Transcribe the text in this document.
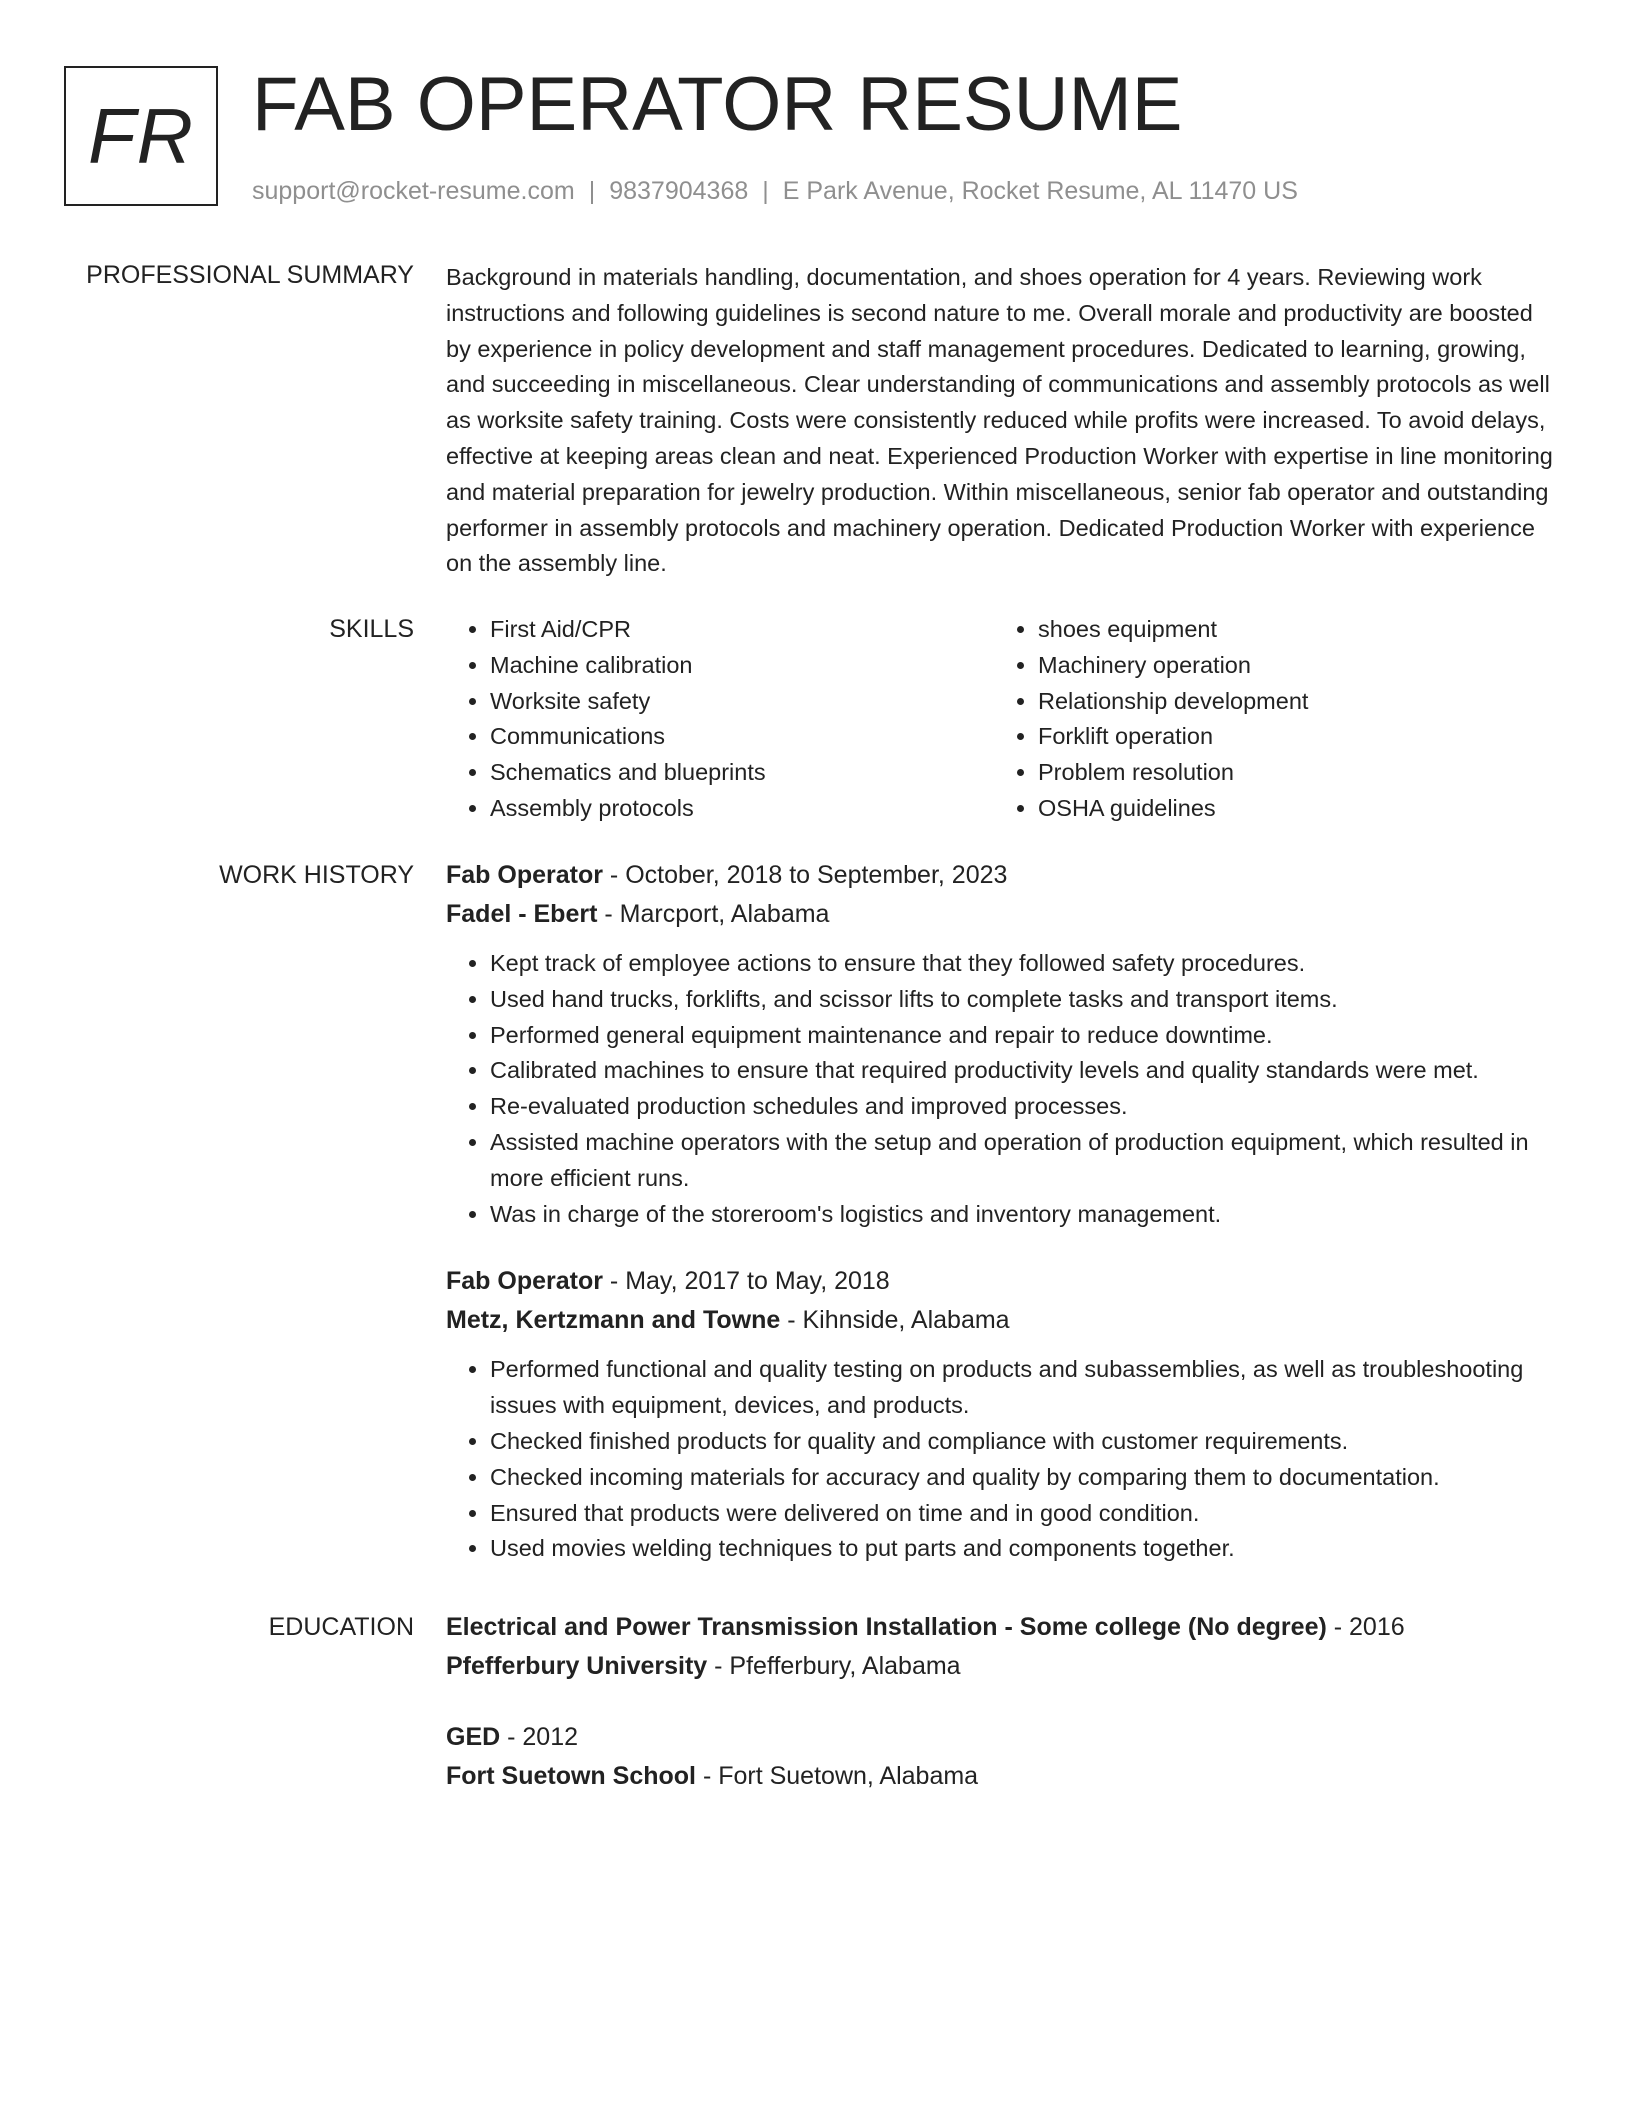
FR FAB OPERATOR RESUME
support@rocket-resume.com | 9837904368 | E Park Avenue, Rocket Resume, AL 11470 US
PROFESSIONAL SUMMARY Background in materials handling, documentation, and shoes operation for 4 years. Reviewing work instructions and following guidelines is second nature to me. Overall morale and productivity are boosted by experience in policy development and staff management procedures. Dedicated to learning, growing, and succeeding in miscellaneous. Clear understanding of communications and assembly protocols as well as worksite safety training. Costs were consistently reduced while profits were increased. To avoid delays, effective at keeping areas clean and neat. Experienced Production Worker with expertise in line monitoring and material preparation for jewelry production. Within miscellaneous, senior fab operator and outstanding performer in assembly protocols and machinery operation. Dedicated Production Worker with experience on the assembly line.

SKILLS
•	First Aid/CPR
• Machine calibration
• Worksite safety
• Communications
• Schematics and blueprints
• Assembly protocols
• shoes equipment
• Machinery operation
• Relationship development
• Forklift operation
• Problem resolution
• OSHA guidelines
WORK HISTORY Fab Operator - October, 2018 to September, 2023
Fadel - Ebert - Marcport, Alabama
• Kept track of employee actions to ensure that they followed safety procedures.
• Used hand trucks, forklifts, and scissor lifts to complete tasks and transport items.
• Performed general equipment maintenance and repair to reduce downtime.
• Calibrated machines to ensure that required productivity levels and quality standards were met.
• Re-evaluated production schedules and improved processes.
• Assisted machine operators with the setup and operation of production equipment, which resulted in more efficient runs.
• Was in charge of the storeroom's logistics and inventory management.
Fab Operator - May, 2017 to May, 2018
Metz, Kertzmann and Towne - Kihnside, Alabama
• Performed functional and quality testing on products and subassemblies, as well as troubleshooting issues with equipment, devices, and products.
• Checked finished products for quality and compliance with customer requirements.
• Checked incoming materials for accuracy and quality by comparing them to documentation.
• Ensured that products were delivered on time and in good condition.
• Used movies welding techniques to put parts and components together.
EDUCATION Electrical and Power Transmission Installation - Some college (No degree) - 2016
Pfefferbury University - Pfefferbury, Alabama
GED - 2012
Fort Suetown School - Fort Suetown, Alabama
